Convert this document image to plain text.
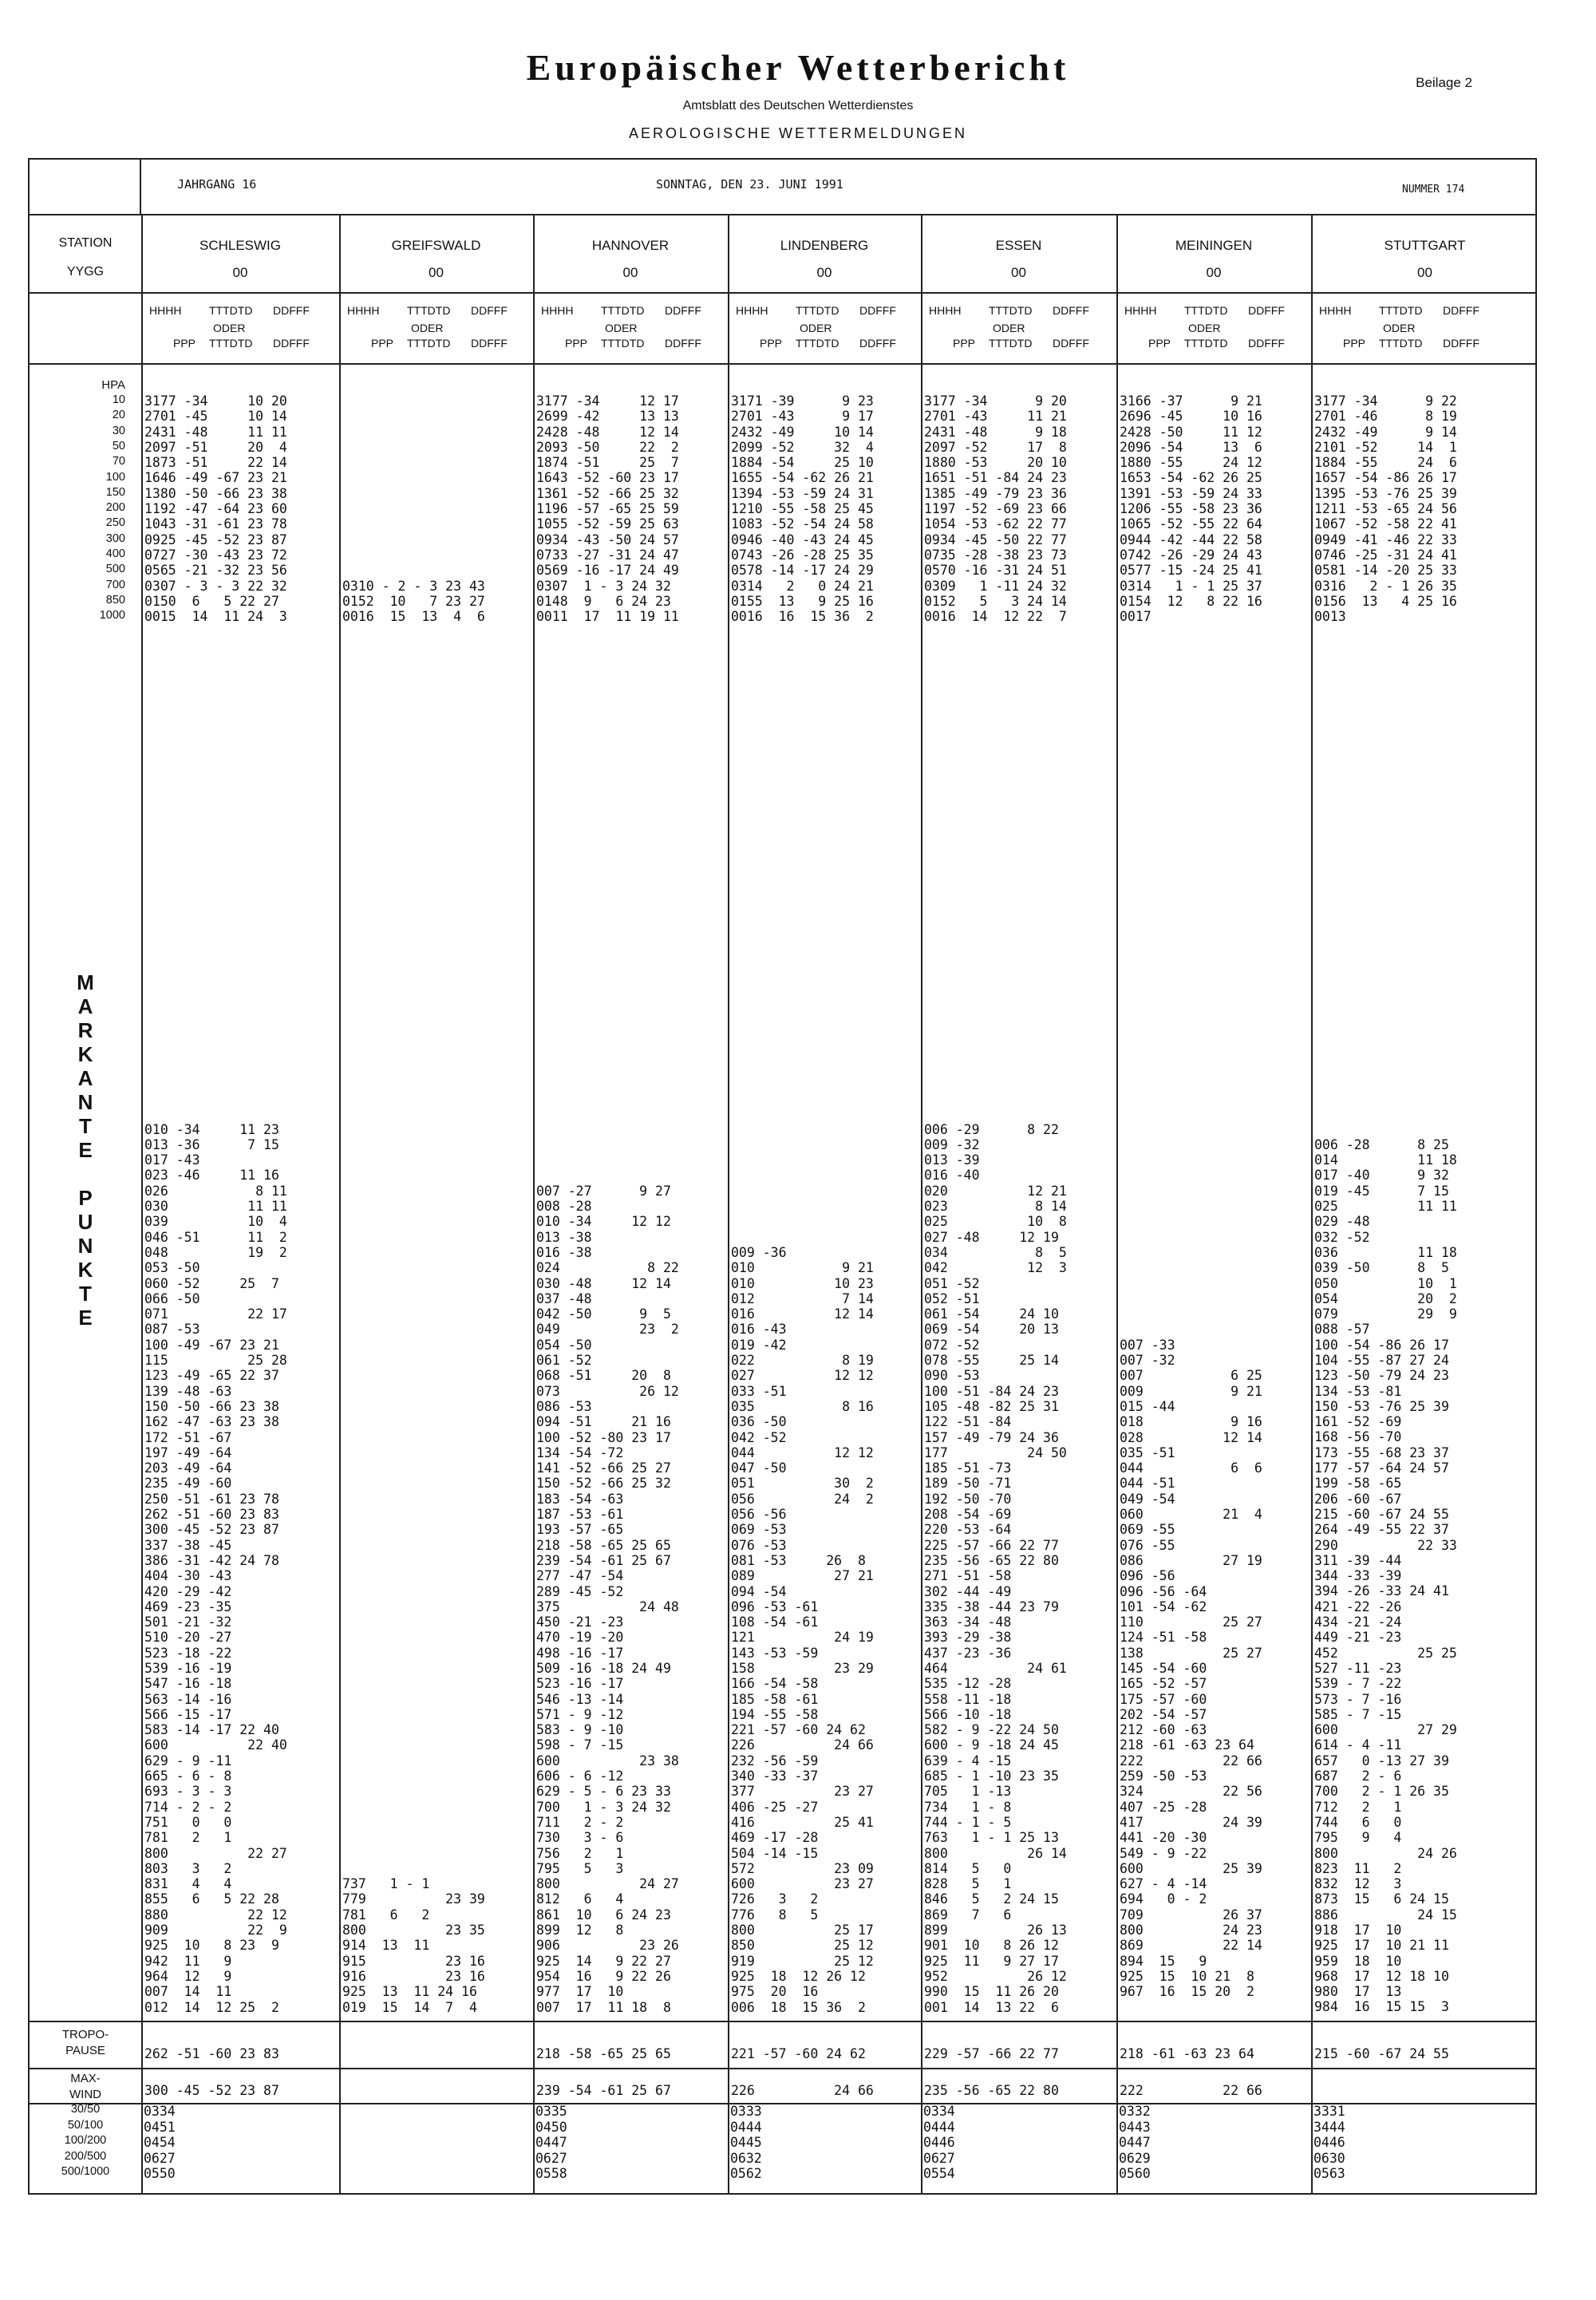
Europäischer Wetterbericht
Amtsblatt des Deutschen Wetterdienstes
AEROLOGISCHE WETTERMELDUNGEN
Beilage 2
JAHRGANG 16	SONNTAG, DEN 23. JUNI 1991	NUMMER 174
STATION
YYGG
HPA
TROPO-
PAUSE
MAX-
WIND
10
20
30
50
70
100
150
200
250
300
400
500
700
850
1000
M
A
R
K
A
N
T
E
P
U
N
K
T
E
30/50
50/100
100/200
200/500
500/1000
SCHLESWIG
00
HHHH TTTDTD DDFFF
ODER
PPP TTTDTD DDFFF
3177 -34     10 20
2701 -45     10 14
2431 -48     11 11
2097 -51     20  4
1873 -51     22 14
1646 -49 -67 23 21
1380 -50 -66 23 38
1192 -47 -64 23 60
1043 -31 -61 23 78
0925 -45 -52 23 87
0727 -30 -43 23 72
0565 -21 -32 23 56
0307 - 3 - 3 22 32
0150  6   5 22 27
0015  14  11 24  3
010 -34     11 23
013 -36      7 15
017 -43
023 -46     11 16
026           8 11
030          11 11
039          10  4
046 -51      11  2
048          19  2
053 -50
060 -52     25  7
066 -50
071          22 17
087 -53
100 -49 -67 23 21
115          25 28
123 -49 -65 22 37
139 -48 -63
150 -50 -66 23 38
162 -47 -63 23 38
172 -51 -67
197 -49 -64
203 -49 -64
235 -49 -60
250 -51 -61 23 78
262 -51 -60 23 83
300 -45 -52 23 87
337 -38 -45
386 -31 -42 24 78
404 -30 -43
420 -29 -42
469 -23 -35
501 -21 -32
510 -20 -27
523 -18 -22
539 -16 -19
547 -16 -18
563 -14 -16
566 -15 -17
583 -14 -17 22 40
600          22 40
629 - 9 -11
665 - 6 - 8
693 - 3 - 3
714 - 2 - 2
751   0   0
781   2   1
800          22 27
803   3   2
831   4   4
855   6   5 22 28
880          22 12
909          22  9
925  10   8 23  9
942  11   9
964  12   9
007  14  11
012  14  12 25  2
262 -51 -60 23 83
300 -45 -52 23 87
0334
0451
0454
0627
0550
GREIFSWALD
00
HHHH TTTDTD DDFFF
ODER
PPP TTTDTD DDFFF
0310 - 2 - 3 23 43
0152  10   7 23 27
0016  15  13  4  6
737   1 - 1
779          23 39
781   6   2
800          23 35
914  13  11
915          23 16
916          23 16
925  13  11 24 16
019  15  14  7  4
HANNOVER
00
HHHH TTTDTD DDFFF
ODER
PPP TTTDTD DDFFF
3177 -34     12 17
2699 -42     13 13
2428 -48     12 14
2093 -50     22  2
1874 -51     25  7
1643 -52 -60 23 17
1361 -52 -66 25 32
1196 -57 -65 25 59
1055 -52 -59 25 63
0934 -43 -50 24 57
0733 -27 -31 24 47
0569 -16 -17 24 49
0307  1 - 3 24 32
0148  9   6 24 23
0011  17  11 19 11
007 -27      9 27
008 -28
010 -34     12 12
013 -38
016 -38
024           8 22
030 -48     12 14
037 -48
042 -50      9  5
049          23  2
054 -50
061 -52
068 -51     20  8
073          26 12
086 -53
094 -51     21 16
100 -52 -80 23 17
134 -54 -72
141 -52 -66 25 27
150 -52 -66 25 32
183 -54 -63
187 -53 -61
193 -57 -65
218 -58 -65 25 65
239 -54 -61 25 67
277 -47 -54
289 -45 -52
375          24 48
450 -21 -23
470 -19 -20
498 -16 -17
509 -16 -18 24 49
523 -16 -17
546 -13 -14
571 - 9 -12
583 - 9 -10
598 - 7 -15
600          23 38
606 - 6 -12
629 - 5 - 6 23 33
700   1 - 3 24 32
711   2 - 2
730   3 - 6
756   2   1
795   5   3
800          24 27
812   6   4
861  10   6 24 23
899  12   8
906          23 26
925  14   9 22 27
954  16   9 22 26
977  17  10
007  17  11 18  8
218 -58 -65 25 65
239 -54 -61 25 67
0335
0450
0447
0627
0558
LINDENBERG
00
HHHH TTTDTD DDFFF
ODER
PPP TTTDTD DDFFF
3171 -39      9 23
2701 -43      9 17
2432 -49     10 14
2099 -52     32  4
1884 -54     25 10
1655 -54 -62 26 21
1394 -53 -59 24 31
1210 -55 -58 25 45
1083 -52 -54 24 58
0946 -40 -43 24 45
0743 -26 -28 25 35
0578 -14 -17 24 29
0314   2   0 24 21
0155  13   9 25 16
0016  16  15 36  2
009 -36
010           9 21
010          10 23
012           7 14
016          12 14
016 -43
019 -42
022           8 19
027          12 12
033 -51
035           8 16
036 -50
042 -52
044          12 12
047 -50
051          30  2
056          24  2
056 -56
069 -53
076 -53
081 -53     26  8
089          27 21
094 -54
096 -53 -61
108 -54 -61
121          24 19
143 -53 -59
158          23 29
166 -54 -58
185 -58 -61
194 -55 -58
221 -57 -60 24 62
226          24 66
232 -56 -59
340 -33 -37
377          23 27
406 -25 -27
416          25 41
469 -17 -28
504 -14 -15
572          23 09
600          23 27
726   3   2
776   8   5
800          25 17
850          25 12
919          25 12
925  18  12 26 12
975  20  16
006  18  15 36  2
221 -57 -60 24 62
226          24 66
0333
0444
0445
0632
0562
ESSEN
00
HHHH TTTDTD DDFFF
ODER
PPP TTTDTD DDFFF
3177 -34      9 20
2701 -43     11 21
2431 -48      9 18
2097 -52     17  8
1880 -53     20 10
1651 -51 -84 24 23
1385 -49 -79 23 36
1197 -52 -69 23 66
1054 -53 -62 22 77
0934 -45 -50 22 77
0735 -28 -38 23 73
0570 -16 -31 24 51
0309   1 -11 24 32
0152   5   3 24 14
0016  14  12 22  7
006 -29      8 22
009 -32
013 -39
016 -40
020          12 21
023           8 14
025          10  8
027 -48     12 19
034           8  5
042          12  3
051 -52
052 -51
061 -54     24 10
069 -54     20 13
072 -52
078 -55     25 14
090 -53
100 -51 -84 24 23
105 -48 -82 25 31
122 -51 -84
157 -49 -79 24 36
177          24 50
185 -51 -73
189 -50 -71
192 -50 -70
208 -54 -69
220 -53 -64
225 -57 -66 22 77
235 -56 -65 22 80
271 -51 -58
302 -44 -49
335 -38 -44 23 79
363 -34 -48
393 -29 -38
437 -23 -36
464          24 61
535 -12 -28
558 -11 -18
566 -10 -18
582 - 9 -22 24 50
600 - 9 -18 24 45
639 - 4 -15
685 - 1 -10 23 35
705   1 -13
734   1 - 8
744 - 1 - 5
763   1 - 1 25 13
800          26 14
814   5   0
828   5   1
846   5   2 24 15
869   7   6
899          26 13
901  10   8 26 12
925  11   9 27 17
952          26 12
990  15  11 26 20
001  14  13 22  6
229 -57 -66 22 77
235 -56 -65 22 80
0334
0444
0446
0627
0554
MEININGEN
00
HHHH TTTDTD DDFFF
ODER
PPP TTTDTD DDFFF
3166 -37      9 21
2696 -45     10 16
2428 -50     11 12
2096 -54     13  6
1880 -55     24 12
1653 -54 -62 26 25
1391 -53 -59 24 33
1206 -55 -58 23 36
1065 -52 -55 22 64
0944 -42 -44 22 58
0742 -26 -29 24 43
0577 -15 -24 25 41
0314   1 - 1 25 37
0154  12   8 22 16
0017
007 -33
007 -32
007           6 25
009           9 21
015 -44
018           9 16
028          12 14
035 -51
044           6  6
044 -51
049 -54
060          21  4
069 -55
076 -55
086          27 19
096 -56
096 -56 -64
101 -54 -62
110          25 27
124 -51 -58
138          25 27
145 -54 -60
165 -52 -57
175 -57 -60
202 -54 -57
212 -60 -63
218 -61 -63 23 64
222          22 66
259 -50 -53
324          22 56
407 -25 -28
417          24 39
441 -20 -30
549 - 9 -22
600          25 39
627 - 4 -14
694   0 - 2
709          26 37
800          24 23
869          22 14
894  15   9
925  15  10 21  8
967  16  15 20  2
218 -61 -63 23 64
222          22 66
0332
0443
0447
0629
0560
STUTTGART
00
HHHH TTTDTD DDFFF
ODER
PPP TTTDTD DDFFF
3177 -34      9 22
2701 -46      8 19
2432 -49      9 14
2101 -52     14  1
1884 -55     24  6
1657 -54 -86 26 17
1395 -53 -76 25 39
1211 -53 -65 24 56
1067 -52 -58 22 41
0949 -41 -46 22 33
0746 -25 -31 24 41
0581 -14 -20 25 33
0316   2 - 1 26 35
0156  13   4 25 16
0013
006 -28      8 25
014          11 18
017 -40      9 32
019 -45      7 15
025          11 11
029 -48
032 -52
036          11 18
039 -50      8  5
050          10  1
054          20  2
079          29  9
088 -57
100 -54 -86 26 17
104 -55 -87 27 24
123 -50 -79 24 23
134 -53 -81
150 -53 -76 25 39
161 -52 -69
168 -56 -70
173 -55 -68 23 37
177 -57 -64 24 57
199 -58 -65
206 -60 -67
215 -60 -67 24 55
264 -49 -55 22 37
290          22 33
311 -39 -44
344 -33 -39
394 -26 -33 24 41
421 -22 -26
434 -21 -24
449 -21 -23
452          25 25
527 -11 -23
539 - 7 -22
573 - 7 -16
585 - 7 -15
600          27 29
614 - 4 -11
657   0 -13 27 39
687   2 - 6
700   2 - 1 26 35
712   2   1
744   6   0
795   9   4
800          24 26
823  11   2
832  12   3
873  15   6 24 15
886          24 15
918  17  10
925  17  10 21 11
959  18  10
968  17  12 18 10
980  17  13
984  16  15 15  3
215 -60 -67 24 55
3331
3444
0446
0630
0563
